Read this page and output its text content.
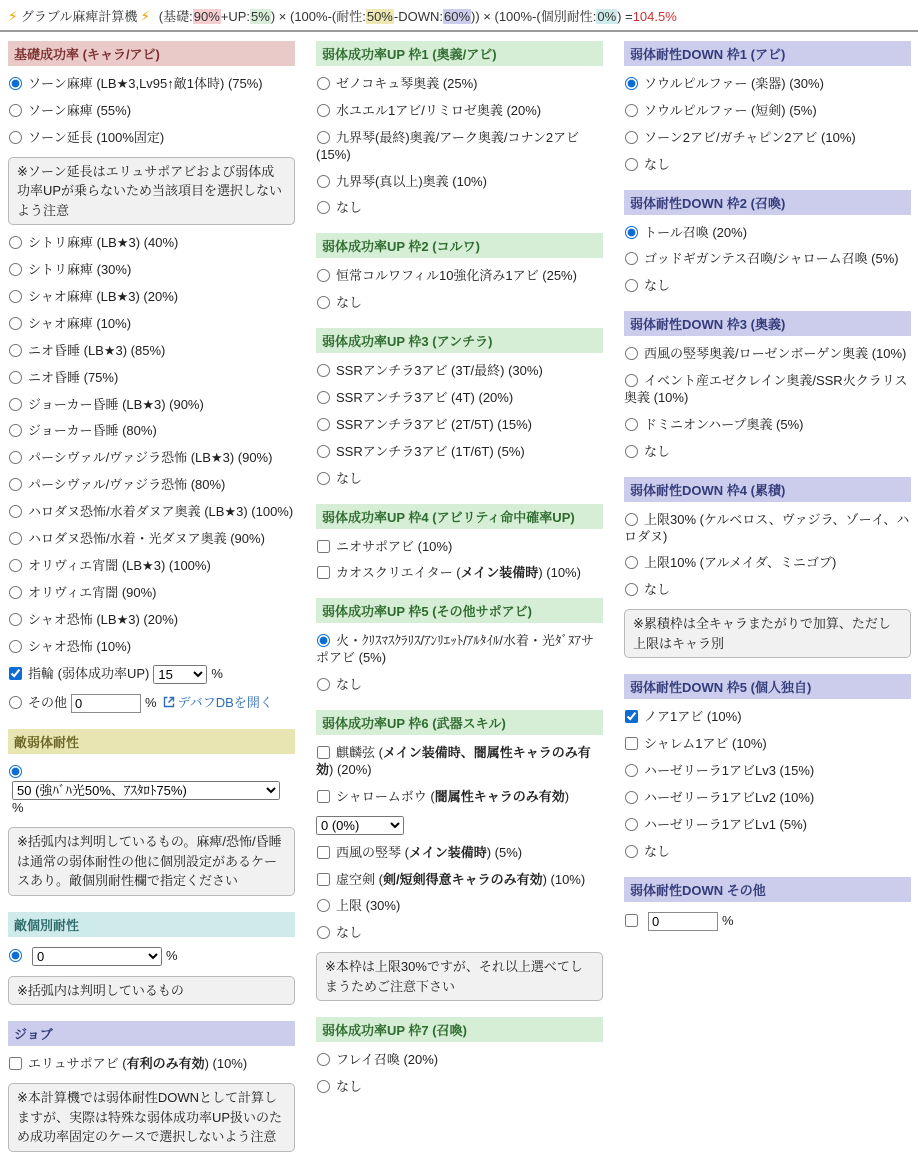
⚡ グラブル麻痺計算機 ⚡ (基礎:90%+UP:5%) × (100%-(耐性:50%-DOWN:60%)) × (100%-(個別耐性:0%) =104.5%
基礎成功率 (キャラ/アビ)
ソーン麻痺 (LB★3,Lv95↑敵1体時) (75%)
ソーン麻痺 (55%)
ソーン延長 (100%固定)
※ソーン延長はエリュサポアビおよび弱体成功率UPが乗らないため当該項目を選択しないよう注意
シトリ麻痺 (LB★3) (40%)
シトリ麻痺 (30%)
シャオ麻痺 (LB★3) (20%)
シャオ麻痺 (10%)
ニオ昏睡 (LB★3) (85%)
ニオ昏睡 (75%)
ジョーカー昏睡 (LB★3) (90%)
ジョーカー昏睡 (80%)
パーシヴァル/ヴァジラ恐怖 (LB★3) (90%)
パーシヴァル/ヴァジラ恐怖 (80%)
ハロダヌ恐怖/水着ダヌア奥義 (LB★3) (100%)
ハロダヌ恐怖/水着・光ダヌア奥義 (90%)
オリヴィエ宵闇 (LB★3) (100%)
オリヴィエ宵闇 (90%)
シャオ恐怖 (LB★3) (20%)
シャオ恐怖 (10%)
指輪 (弱体成功率UP)
15	%
その他0	% デバフDBを開く
敵弱体耐性
50 (強ﾊﾞﾊ光50%、ｱｽﾀﾛﾄ75%)%
※括弧内は判明しているもの。麻痺/恐怖/昏睡は通常の弱体耐性の他に個別設定があるケースあり。敵個別耐性欄で指定ください
敵個別耐性
0%
※括弧内は判明しているもの
ジョブ
エリュサポアビ (有利のみ有効) (10%)
※本計算機では弱体耐性DOWNとして計算しますが、実際は特殊な弱体成功率UP扱いのため成功率固定のケースで選択しないよう注意
弱体成功率UP 枠1 (奥義/アビ)
ゼノコキュ琴奥義 (25%)
水ユエル1アビ/リミロゼ奥義 (20%)
九界琴(最終)奥義/アーク奥義/コナン2アビ (15%)
九界琴(真以上)奥義 (10%)
なし
弱体成功率UP 枠2 (コルワ)
恒常コルワフィル10強化済み1アビ (25%)
なし
弱体成功率UP 枠3 (アンチラ)
SSRアンチラ3アビ (3T/最終) (30%)
SSRアンチラ3アビ (4T) (20%)
SSRアンチラ3アビ (2T/5T) (15%)
SSRアンチラ3アビ (1T/6T) (5%)
なし
弱体成功率UP 枠4 (アビリティ命中確率UP)
ニオサポアビ (10%)
カオスクリエイター (メイン装備時) (10%)
弱体成功率UP 枠5 (その他サポアビ)
火・ｸﾘｽﾏｽｸﾗﾘｽ/ｱﾝﾘｴｯﾄ/ｱﾙﾀｲﾙ/水着・光ﾀﾞﾇｱサポアビ (5%)
なし
弱体成功率UP 枠6 (武器スキル)
麒麟弦 (メイン装備時、闇属性キャラのみ有効) (20%)
シャロームボウ (闇属性キャラのみ有効)
0 (0%)
西風の竪琴 (メイン装備時) (5%)
虚空剣 (剣/短剣得意キャラのみ有効) (10%)
上限 (30%)
なし
※本枠は上限30%ですが、それ以上選べてしまうためご注意下さい
弱体成功率UP 枠7 (召喚)
フレイ召喚 (20%)
なし
弱体耐性DOWN 枠1 (アビ)
ソウルピルファー (楽器) (30%)
ソウルピルファー (短剣) (5%)
ソーン2アビ/ガチャピン2アビ (10%)
なし
弱体耐性DOWN 枠2 (召喚)
トール召喚 (20%)
ゴッドギガンテス召喚/シャローム召喚 (5%)
なし
弱体耐性DOWN 枠3 (奥義)
西風の竪琴奥義/ローゼンボーゲン奥義 (10%)
イベント産エゼクレイン奥義/SSR火クラリス奥義 (10%)
ドミニオンハープ奥義 (5%)
なし
弱体耐性DOWN 枠4 (累積)
上限30% (ケルベロス、ヴァジラ、ゾーイ、ハロダヌ)
上限10% (アルメイダ、ミニゴブ)
なし
※累積枠は全キャラまたがりで加算、ただし上限はキャラ別
弱体耐性DOWN 枠5 (個人独自)
ノア1アビ (10%)
シャレム1アビ (10%)
ハーゼリーラ1アビLv3 (15%)
ハーゼリーラ1アビLv2 (10%)
ハーゼリーラ1アビLv1 (5%)
なし
弱体耐性DOWN その他
0%
